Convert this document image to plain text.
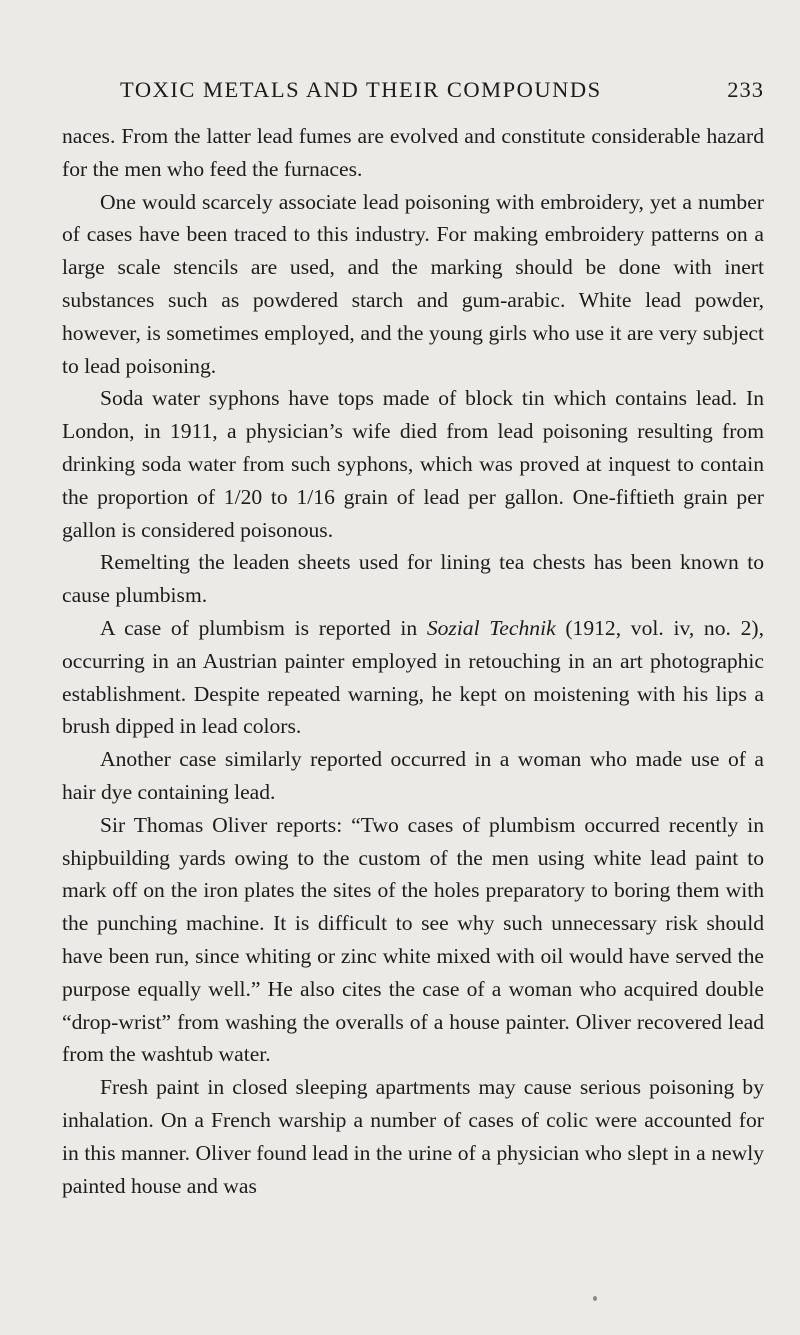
TOXIC METALS AND THEIR COMPOUNDS	233

naces. From the latter lead fumes are evolved and constitute considerable hazard for the men who feed the furnaces.

One would scarcely associate lead poisoning with embroidery, yet a number of cases have been traced to this industry. For making embroidery patterns on a large scale stencils are used, and the marking should be done with inert substances such as powdered starch and gum-arabic. White lead powder, however, is sometimes employed, and the young girls who use it are very subject to lead poisoning.

Soda water syphons have tops made of block tin which contains lead. In London, in 1911, a physician’s wife died from lead poisoning resulting from drinking soda water from such syphons, which was proved at inquest to contain the proportion of 1/20 to 1/16 grain of lead per gallon. One-fiftieth grain per gallon is considered poisonous.

Remelting the leaden sheets used for lining tea chests has been known to cause plumbism.

A case of plumbism is reported in Sozial Technik (1912, vol. iv, no. 2), occurring in an Austrian painter employed in retouching in an art photographic establishment. Despite repeated warning, he kept on moistening with his lips a brush dipped in lead colors.

Another case similarly reported occurred in a woman who made use of a hair dye containing lead.

Sir Thomas Oliver reports: “Two cases of plumbism occurred recently in shipbuilding yards owing to the custom of the men using white lead paint to mark off on the iron plates the sites of the holes preparatory to boring them with the punching machine. It is difficult to see why such unnecessary risk should have been run, since whiting or zinc white mixed with oil would have served the purpose equally well.” He also cites the case of a woman who acquired double “drop-wrist” from washing the overalls of a house painter. Oliver recovered lead from the washtub water.

Fresh paint in closed sleeping apartments may cause serious poisoning by inhalation. On a French warship a number of cases of colic were accounted for in this manner. Oliver found lead in the urine of a physician who slept in a newly painted house and was
